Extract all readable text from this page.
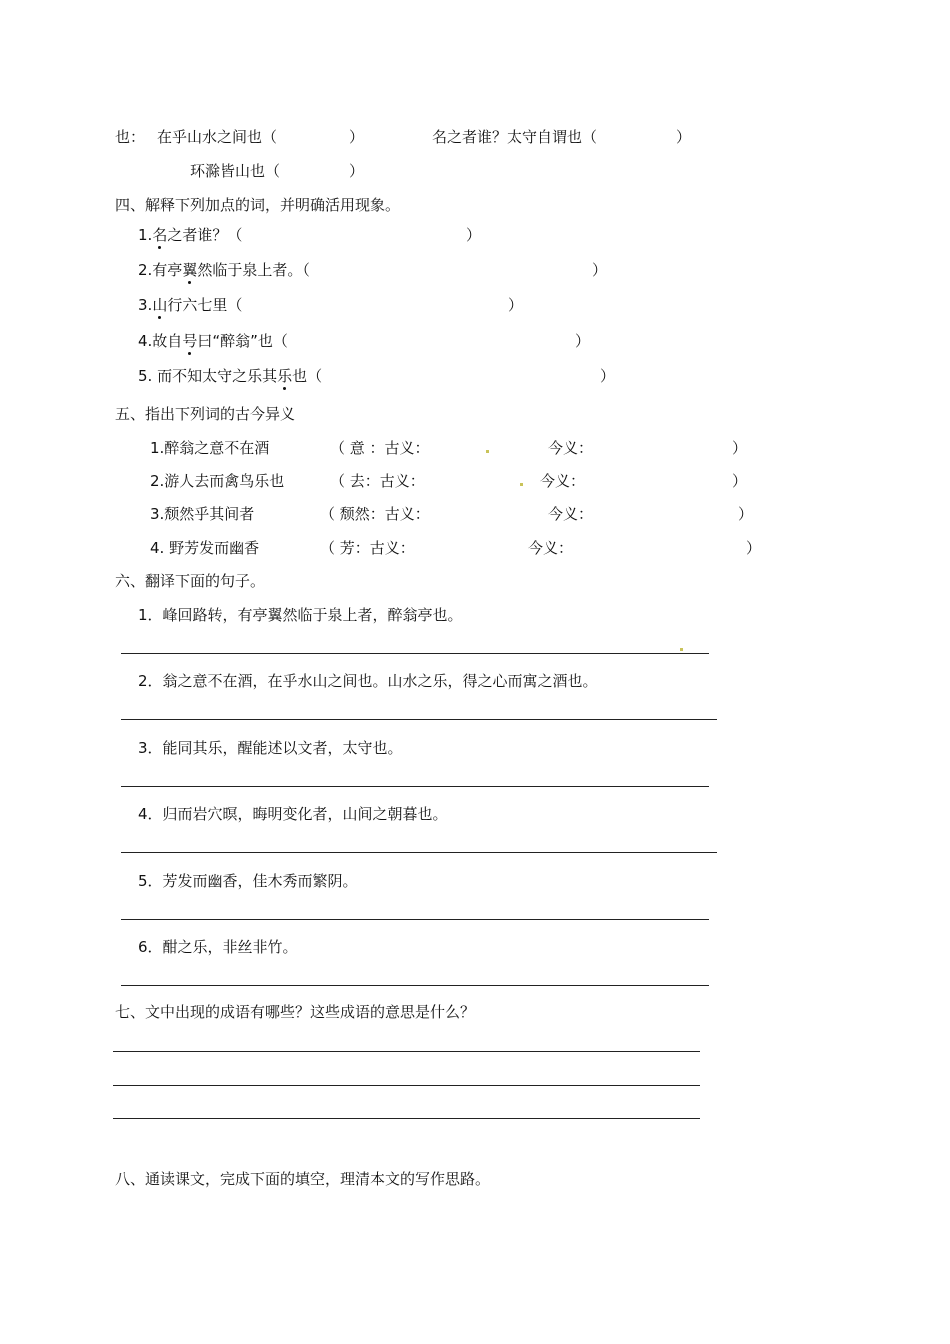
也： 在乎山水之间也（	）	名之者谁？太守自谓也（	）
环滁皆山也（	）
四、解释下列加点的词，并明确活用现象。
1.名之者谁？（	）
2.有亭翼然临于泉上者。（	）
3.山行六七里（	）
4.故自号曰“醉翁”也（	）
5. 而不知太守之乐其乐也（	）
五、指出下列词的古今异义
1.醉翁之意不在酒	（ 意 ：古义：	今义：	）
2.游人去而禽鸟乐也	（ 去：古义：	今义：	）
3.颓然乎其间者	（ 颓然：古义：	今义：	）
4. 野芳发而幽香	（ 芳：古义：	今义：	）
六、翻译下面的句子。
1．峰回路转，有亭翼然临于泉上者，醉翁亭也。
2．翁之意不在酒，在乎水山之间也。山水之乐，得之心而寓之酒也。
3．能同其乐，醒能述以文者，太守也。
4．归而岩穴暝，晦明变化者，山间之朝暮也。
5．芳发而幽香，佳木秀而繁阴。
6．酣之乐，非丝非竹。
七、文中出现的成语有哪些？这些成语的意思是什么？
八、通读课文，完成下面的填空，理清本文的写作思路。
